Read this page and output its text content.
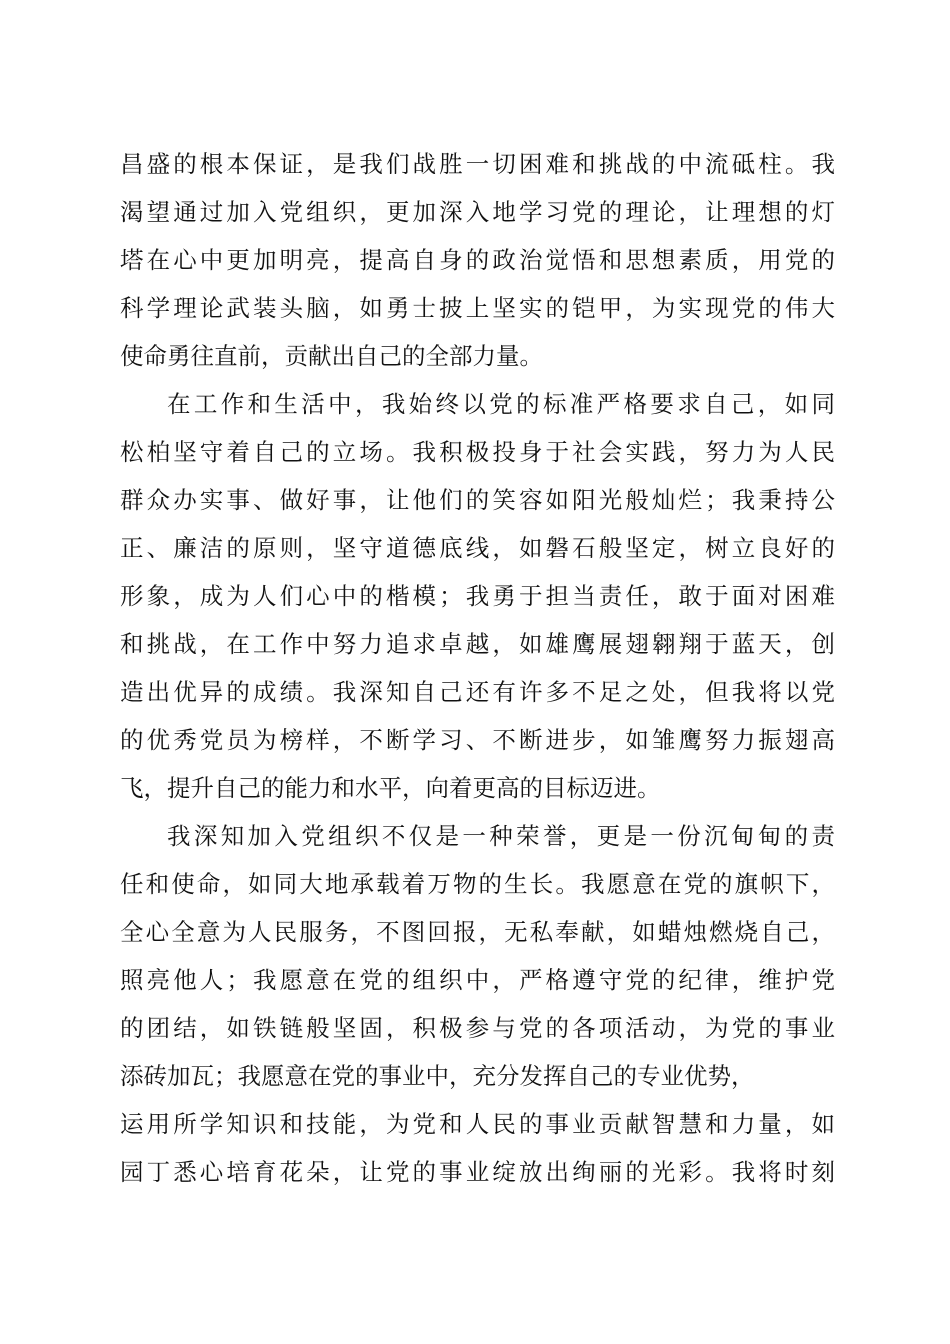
昌盛的根本保证，是我们战胜一切困难和挑战的中流砥柱。我
渴望通过加入党组织，更加深入地学习党的理论，让理想的灯
塔在心中更加明亮，提高自身的政治觉悟和思想素质，用党的
科学理论武装头脑，如勇士披上坚实的铠甲，为实现党的伟大
使命勇往直前，贡献出自己的全部力量。
在工作和生活中，我始终以党的标准严格要求自己，如同
松柏坚守着自己的立场。我积极投身于社会实践，努力为人民
群众办实事、做好事，让他们的笑容如阳光般灿烂；我秉持公
正、廉洁的原则，坚守道德底线，如磐石般坚定，树立良好的
形象，成为人们心中的楷模；我勇于担当责任，敢于面对困难
和挑战，在工作中努力追求卓越，如雄鹰展翅翱翔于蓝天，创
造出优异的成绩。我深知自己还有许多不足之处，但我将以党
的优秀党员为榜样，不断学习、不断进步，如雏鹰努力振翅高
飞，提升自己的能力和水平，向着更高的目标迈进。
我深知加入党组织不仅是一种荣誉，更是一份沉甸甸的责
任和使命，如同大地承载着万物的生长。我愿意在党的旗帜下，
全心全意为人民服务，不图回报，无私奉献，如蜡烛燃烧自己，
照亮他人；我愿意在党的组织中，严格遵守党的纪律，维护党
的团结，如铁链般坚固，积极参与党的各项活动，为党的事业
添砖加瓦；我愿意在党的事业中，充分发挥自己的专业优势，
运用所学知识和技能，为党和人民的事业贡献智慧和力量，如
园丁悉心培育花朵，让党的事业绽放出绚丽的光彩。我将时刻
